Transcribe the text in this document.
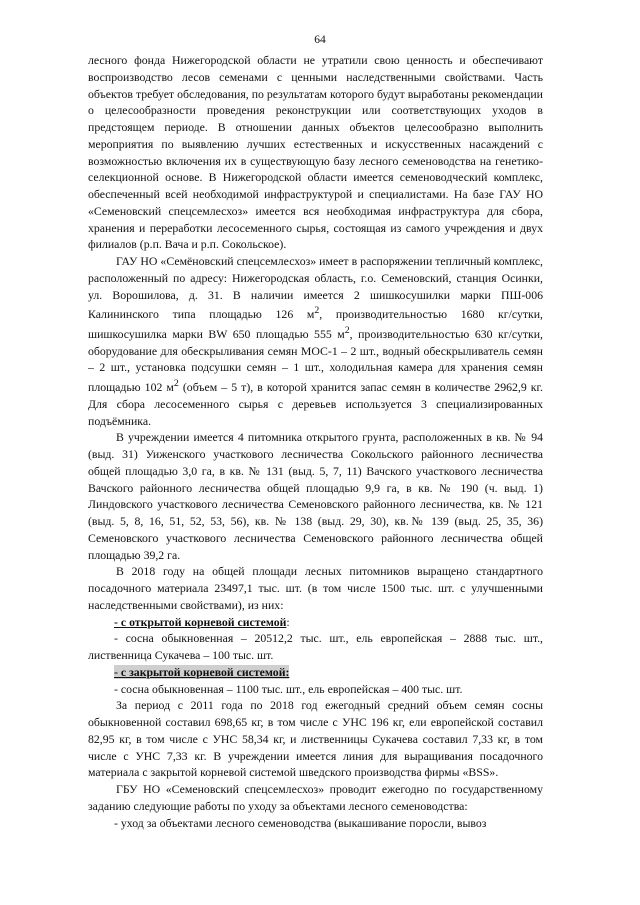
64

лесного фонда Нижегородской области не утратили свою ценность и обеспечивают воспроизводство лесов семенами с ценными наследственными свойствами. Часть объектов требует обследования, по результатам которого будут выработаны рекомендации о целесообразности проведения реконструкции или соответствующих уходов в предстоящем периоде. В отношении данных объектов целесообразно выполнить мероприятия по выявлению лучших естественных и искусственных насаждений с возможностью включения их в существующую базу лесного семеноводства на генетико-селекционной основе. В Нижегородской области имеется семеноводческий комплекс, обеспеченный всей необходимой инфраструктурой и специалистами. На базе ГАУ НО «Семеновский спецсемлесхоз» имеется вся необходимая инфраструктура для сбора, хранения и переработки лесосеменного сырья, состоящая из самого учреждения и двух филиалов (р.п. Вача и р.п. Сокольское).

ГАУ НО «Семёновский спецсемлесхоз» имеет в распоряжении тепличный комплекс, расположенный по адресу: Нижегородская область, г.о. Семеновский, станция Осинки, ул. Ворошилова, д. 31. В наличии имеется 2 шишкосушилки марки ПШ-006 Калининского типа площадью 126 $м^2$, производительностью 1680 кг/сутки, шишкосушилка марки BW 650 площадью 555 $м^2$, производительностью 630 кг/сутки, оборудование для обескрыливания семян МОС-1 – 2 шт., водный обескрыливатель семян – 2 шт., установка подсушки семян – 1 шт., холодильная камера для хранения семян площадью 102 $м^2$ (объем – 5 т), в которой хранится запас семян в количестве 2962,9 кг. Для сбора лесосеменного сырья с деревьев используется 3 специализированных подъёмника.

В учреждении имеется 4 питомника открытого грунта, расположенных в кв. № 94 (выд. 31) Уиженского участкового лесничества Сокольского районного лесничества общей площадью 3,0 га, в кв. № 131 (выд. 5, 7, 11) Вачского участкового лесничества Вачского районного лесничества общей площадью 9,9 га, в кв. № 190 (ч. выд. 1) Линдовского участкового лесничества Семеновского районного лесничества, кв. № 121 (выд. 5, 8, 16, 51, 52, 53, 56), кв. № 138 (выд. 29, 30), кв.№ 139 (выд. 25, 35, 36) Семеновского участкового лесничества Семеновского районного лесничества общей площадью 39,2 га.

В 2018 году на общей площади лесных питомников выращено стандартного посадочного материала 23497,1 тыс. шт. (в том числе 1500 тыс. шт. с улучшенными наследственными свойствами), из них:

- с открытой корневой системой:

- сосна обыкновенная – 20512,2 тыс. шт., ель европейская – 2888 тыс. шт., лиственница Сукачева – 100 тыс. шт.

- с закрытой корневой системой:

- сосна обыкновенная – 1100 тыс. шт., ель европейская – 400 тыс. шт.

За период с 2011 года по 2018 год ежегодный средний объем семян сосны обыкновенной составил 698,65 кг, в том числе с УНС 196 кг, ели европейской составил 82,95 кг, в том числе с УНС 58,34 кг, и лиственницы Сукачева составил 7,33 кг, в том числе с УНС 7,33 кг. В учреждении имеется линия для выращивания посадочного материала с закрытой корневой системой шведского производства фирмы «BSS».

ГБУ НО «Семеновский спецсемлесхоз» проводит ежегодно по государственному заданию следующие работы по уходу за объектами лесного семеноводства:

- уход за объектами лесного семеноводства (выкашивание поросли, вывоз
